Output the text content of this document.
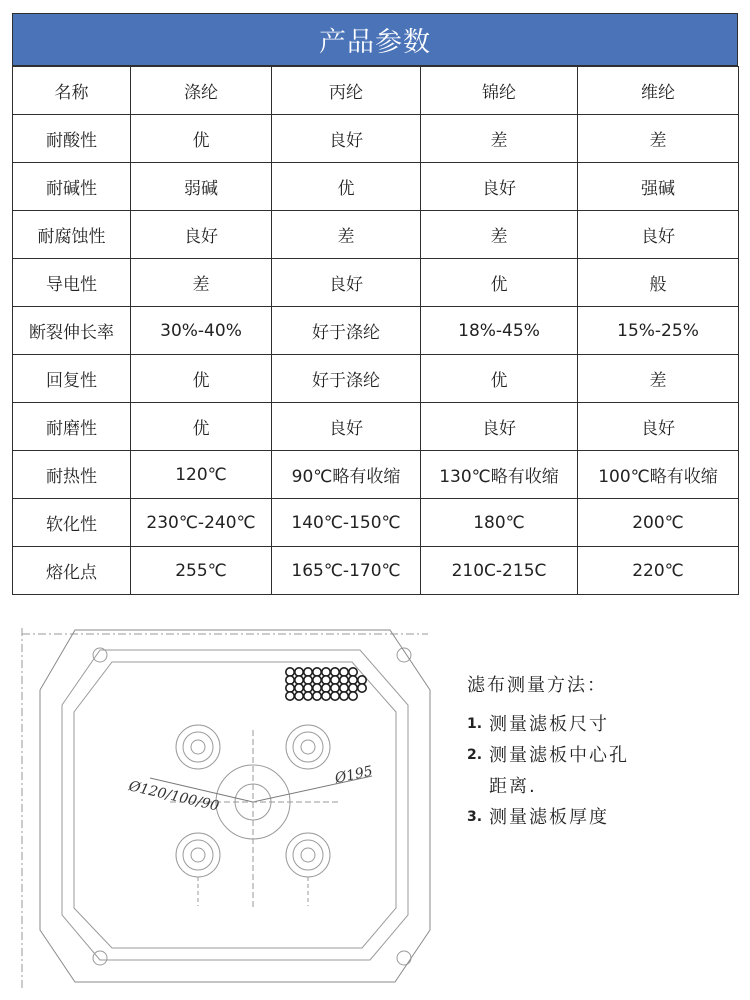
产品参数
名称	涤纶	丙纶	锦纶	维纶
耐酸性	优	良好	差	差
耐碱性	弱碱	优	良好	强碱
耐腐蚀性	良好	差	差	良好
导电性	差	良好	优	般
断裂伸长率	30%-40%	好于涤纶	18%-45%	15%-25%
回复性	优	好于涤纶	优	差
耐磨性	优	良好	良好	良好
耐热性	120℃	90℃略有收缩	130℃略有收缩	100℃略有收缩
软化性	230℃-240℃	140℃-150℃	180℃	200℃
熔化点	255℃	165℃-170℃	210C-215C	220℃
Ø120/100/90
Ø195
滤布测量方法：
1. 测量滤板尺寸
2. 测量滤板中心孔
距离.
3. 测量滤板厚度
